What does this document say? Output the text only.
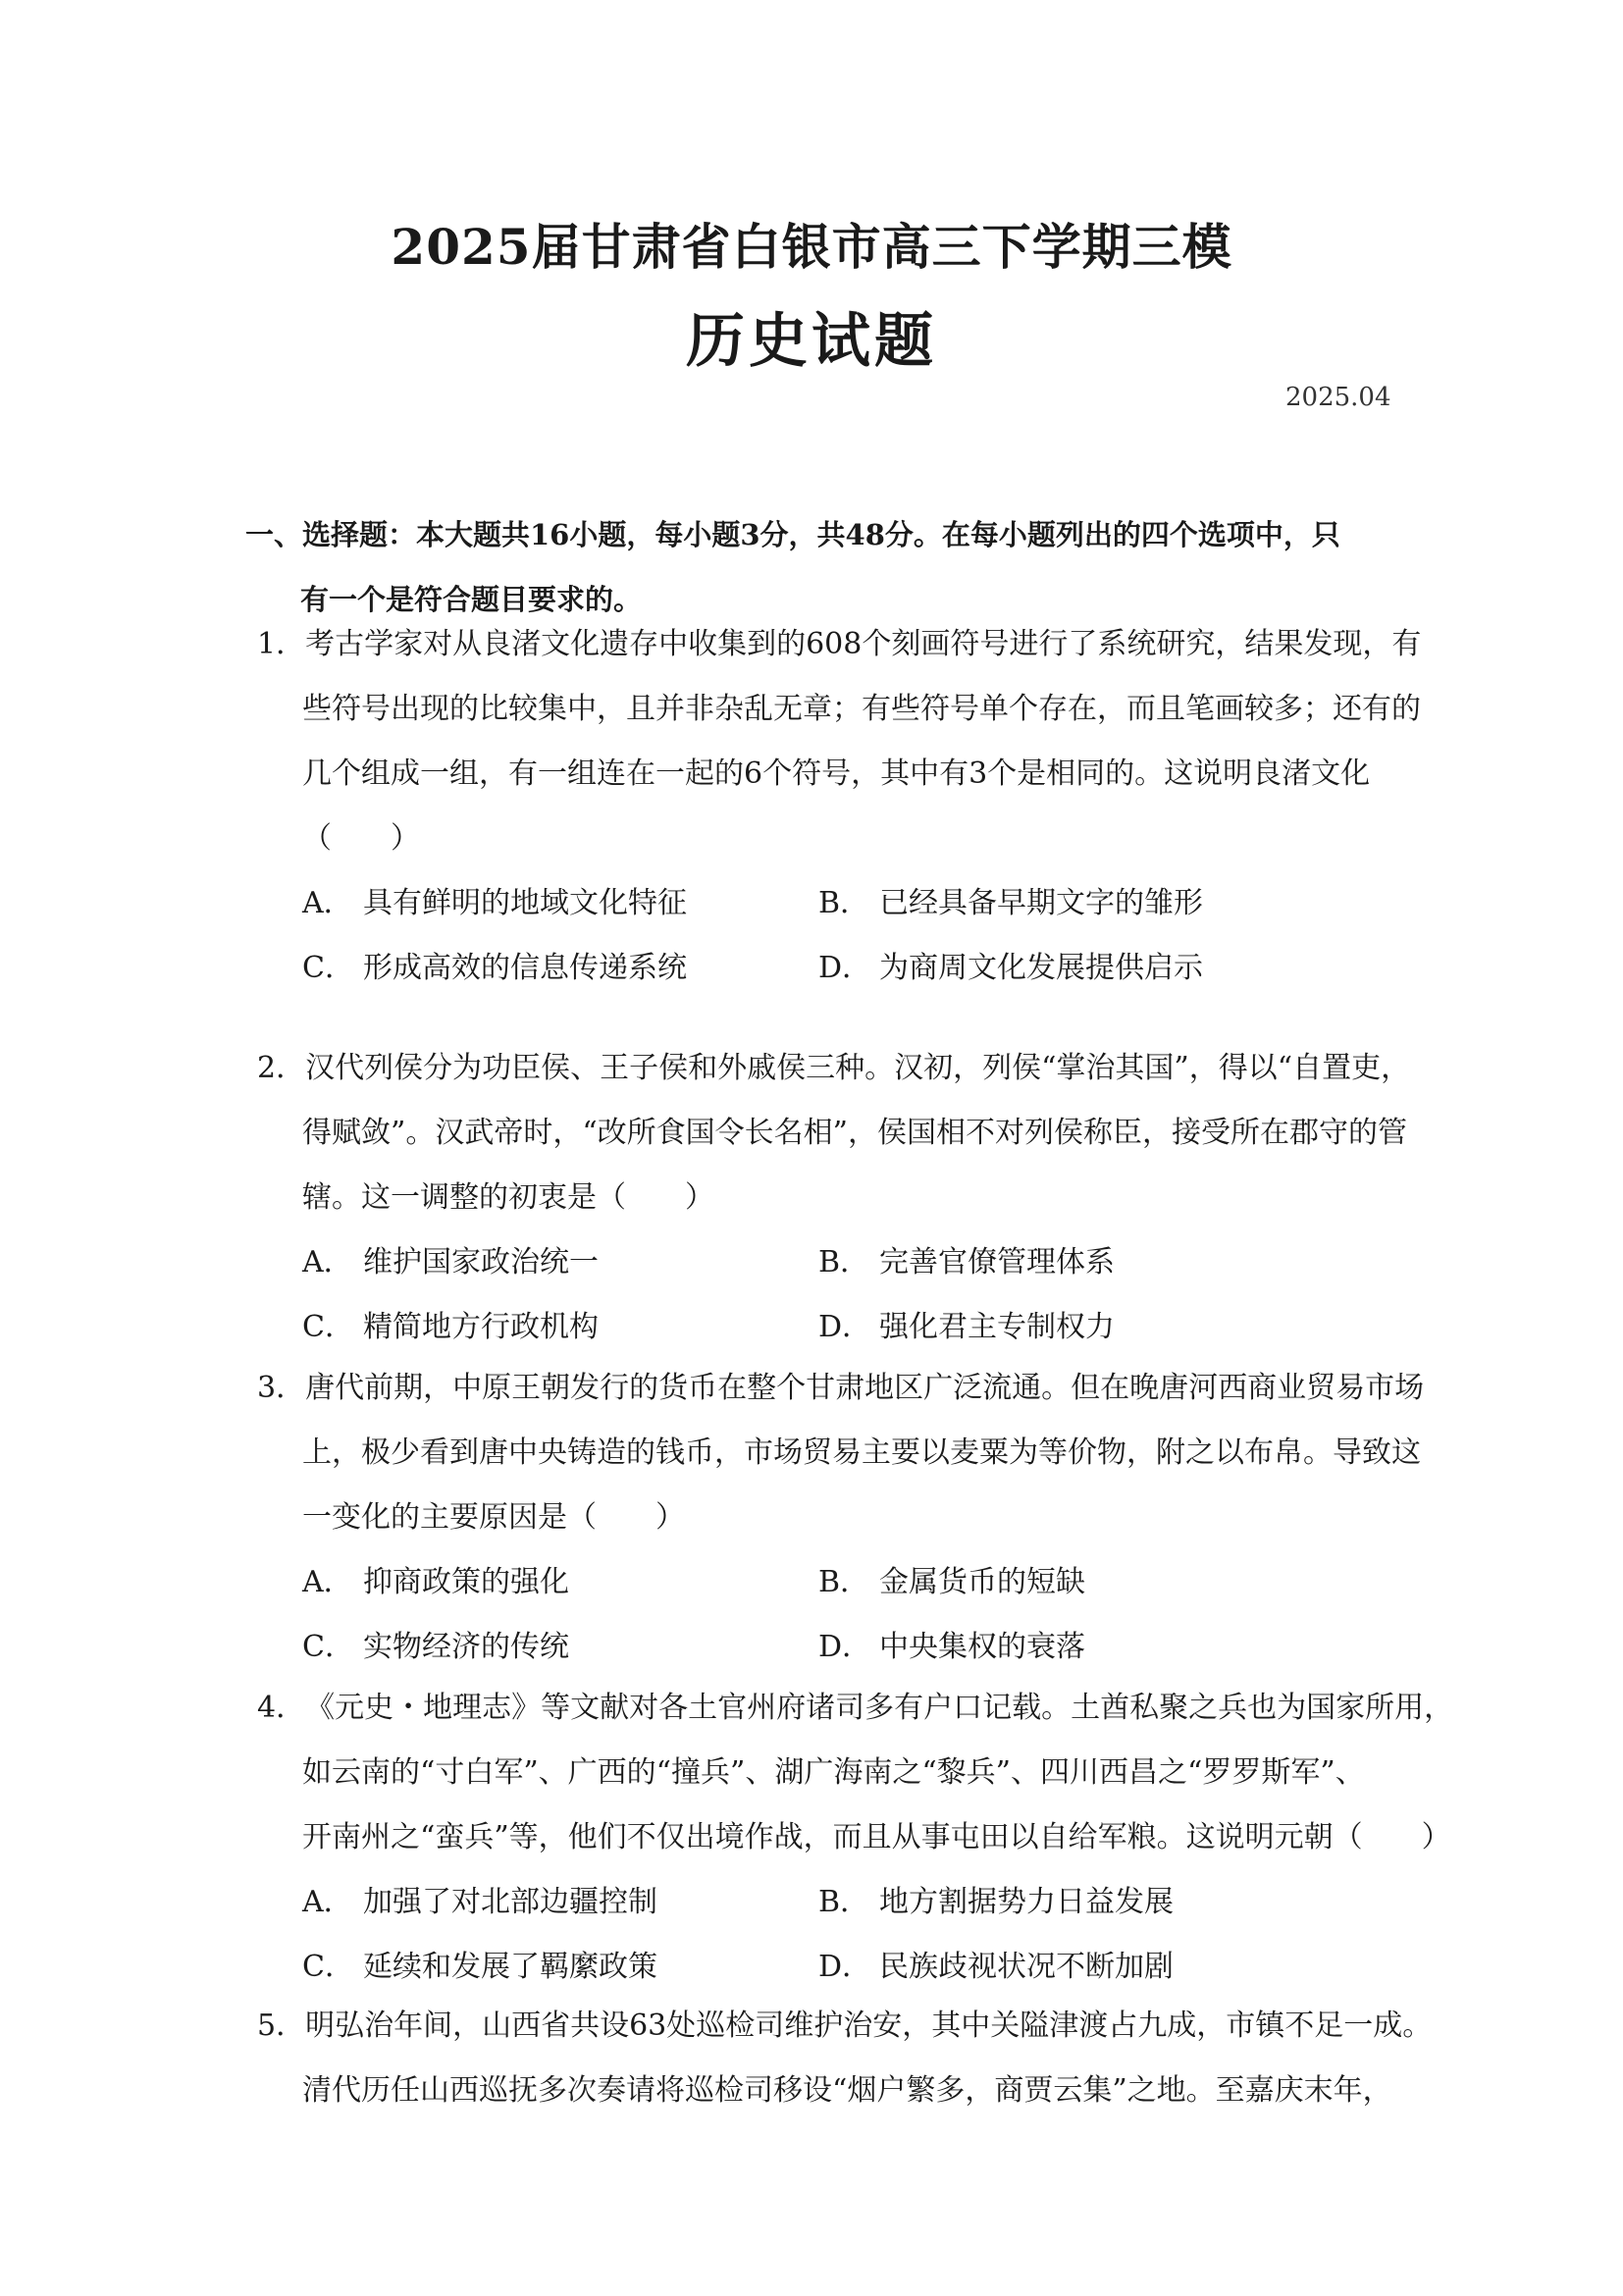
2025届甘肃省白银市高三下学期三模
历史试题
2025.04
一、选择题：本大题共16小题，每小题3分，共48分。在每小题列出的四个选项中，只
有一个是符合题目要求的。
1．考古学家对从良渚文化遗存中收集到的608个刻画符号进行了系统研究，结果发现，有
些符号出现的比较集中，且并非杂乱无章；有些符号单个存在，而且笔画较多；还有的
几个组成一组，有一组连在一起的6个符号，其中有3个是相同的。这说明良渚文化
（　　）
A． 具有鲜明的地域文化特征	B． 已经具备早期文字的雏形
C． 形成高效的信息传递系统	D． 为商周文化发展提供启示
2．汉代列侯分为功臣侯、王子侯和外戚侯三种。汉初，列侯“掌治其国”，得以“自置吏，
得赋敛”。汉武帝时，“改所食国令长名相”，侯国相不对列侯称臣，接受所在郡守的管
辖。这一调整的初衷是（　　）
A． 维护国家政治统一	B． 完善官僚管理体系
C． 精简地方行政机构	D． 强化君主专制权力
3．唐代前期，中原王朝发行的货币在整个甘肃地区广泛流通。但在晚唐河西商业贸易市场
上，极少看到唐中央铸造的钱币，市场贸易主要以麦粟为等价物，附之以布帛。导致这
一变化的主要原因是（　　）
A． 抑商政策的强化	B． 金属货币的短缺
C． 实物经济的传统	D． 中央集权的衰落
4．《元史・地理志》等文献对各土官州府诸司多有户口记载。土酋私聚之兵也为国家所用，
如云南的“寸白军”、广西的“撞兵”、湖广海南之“黎兵”、四川西昌之“罗罗斯军”、
开南州之“蛮兵”等，他们不仅出境作战，而且从事屯田以自给军粮。这说明元朝（　　）
A． 加强了对北部边疆控制	B． 地方割据势力日益发展
C． 延续和发展了羁縻政策	D． 民族歧视状况不断加剧
5．明弘治年间，山西省共设63处巡检司维护治安，其中关隘津渡占九成，市镇不足一成。
清代历任山西巡抚多次奏请将巡检司移设“烟户繁多，商贾云集”之地。至嘉庆末年，
